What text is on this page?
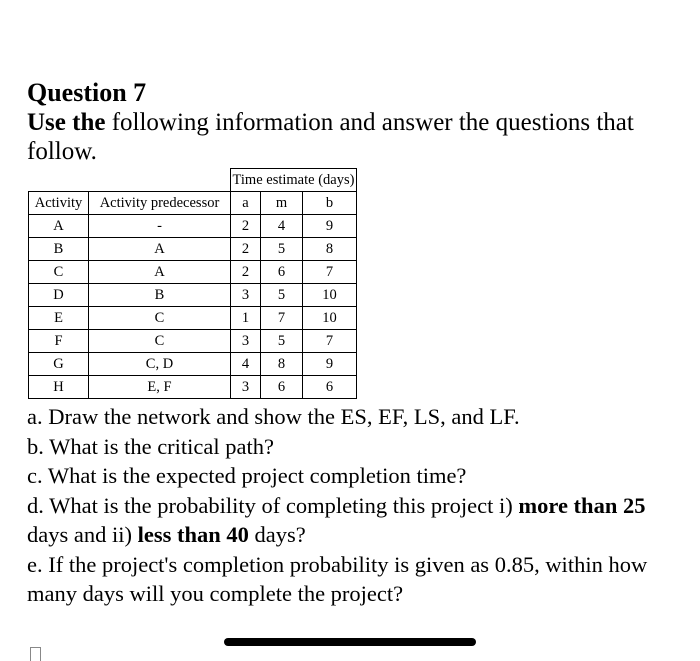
Question 7
Use the following information and answer the questions that follow.
		Time estimate (days)		
Activity	Activity predecessor	a	m	b
A	-	2	4	9
B	A	2	5	8
C	A	2	6	7
D	B	3	5	10
E	C	1	7	10
F	C	3	5	7
G	C, D	4	8	9
H	E, F	3	6	6

a. Draw the network and show the ES, EF, LS, and LF.

b. What is the critical path?

c. What is the expected project completion time?

d. What is the probability of completing this project i) more than 25 days and ii) less than 40 days?

e. If the project's completion probability is given as 0.85, within how many days will you complete the project?
